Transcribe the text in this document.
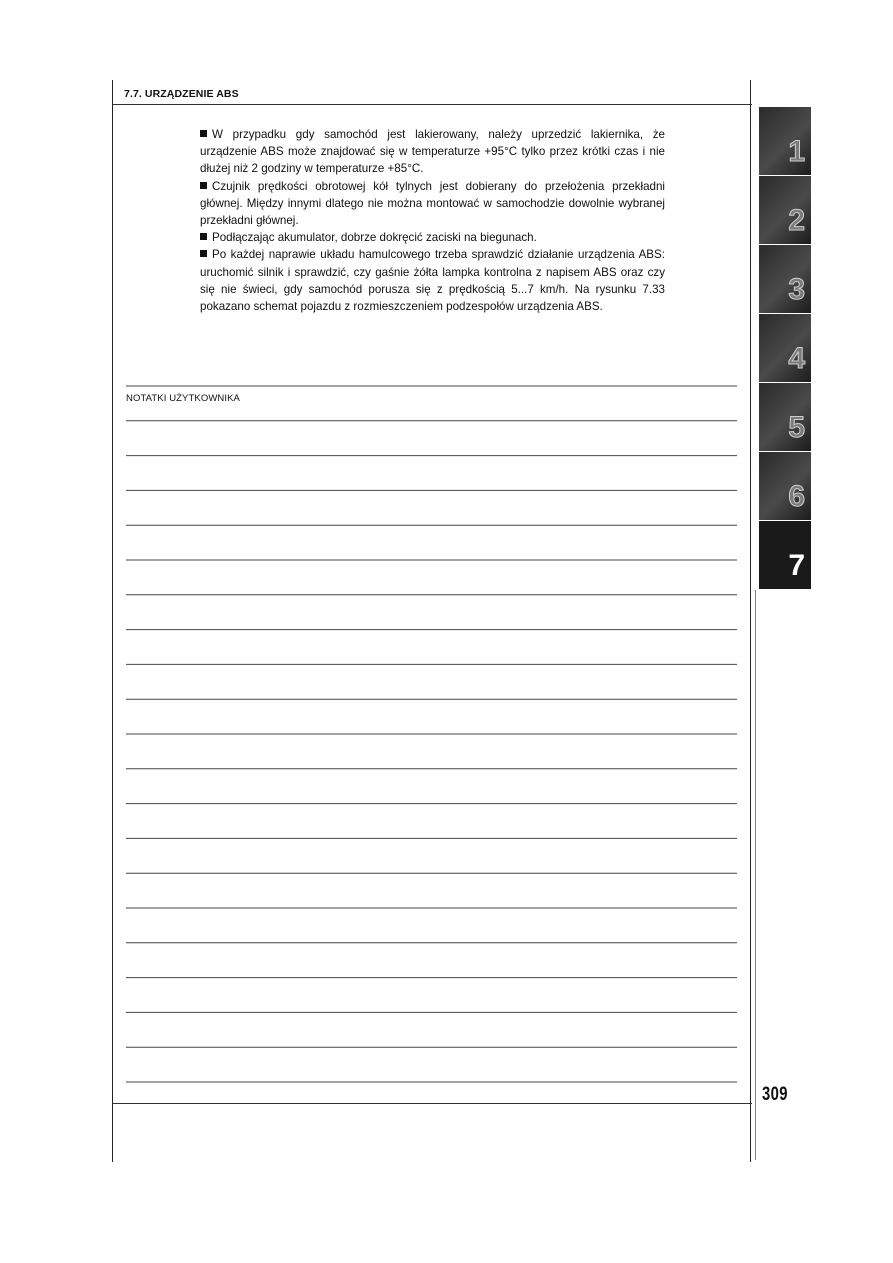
7.7. URZĄDZENIE ABS

W przypadku gdy samochód jest lakierowany, należy uprzedzić lakiernika, że urządzenie ABS może znajdować się w temperaturze +95°C tylko przez krótki czas i nie dłużej niż 2 godziny w temperaturze +85°C.

Czujnik prędkości obrotowej kół tylnych jest dobierany do przełożenia przekładni głównej. Między innymi dlatego nie można montować w samochodzie dowolnie wybranej przekładni głównej.

Podłączając akumulator, dobrze dokręcić zaciski na biegunach.

Po każdej naprawie układu hamulcowego trzeba sprawdzić działanie urządzenia ABS: uruchomić silnik i sprawdzić, czy gaśnie żółta lampka kontrolna z napisem ABS oraz czy się nie świeci, gdy samochód porusza się z prędkością 5...7 km/h. Na rysunku 7.33 pokazano schemat pojazdu z rozmieszczeniem podzespołów urządzenia ABS.

NOTATKI UŻYTKOWNIKA
1
2
3
4
5
6
7
309
